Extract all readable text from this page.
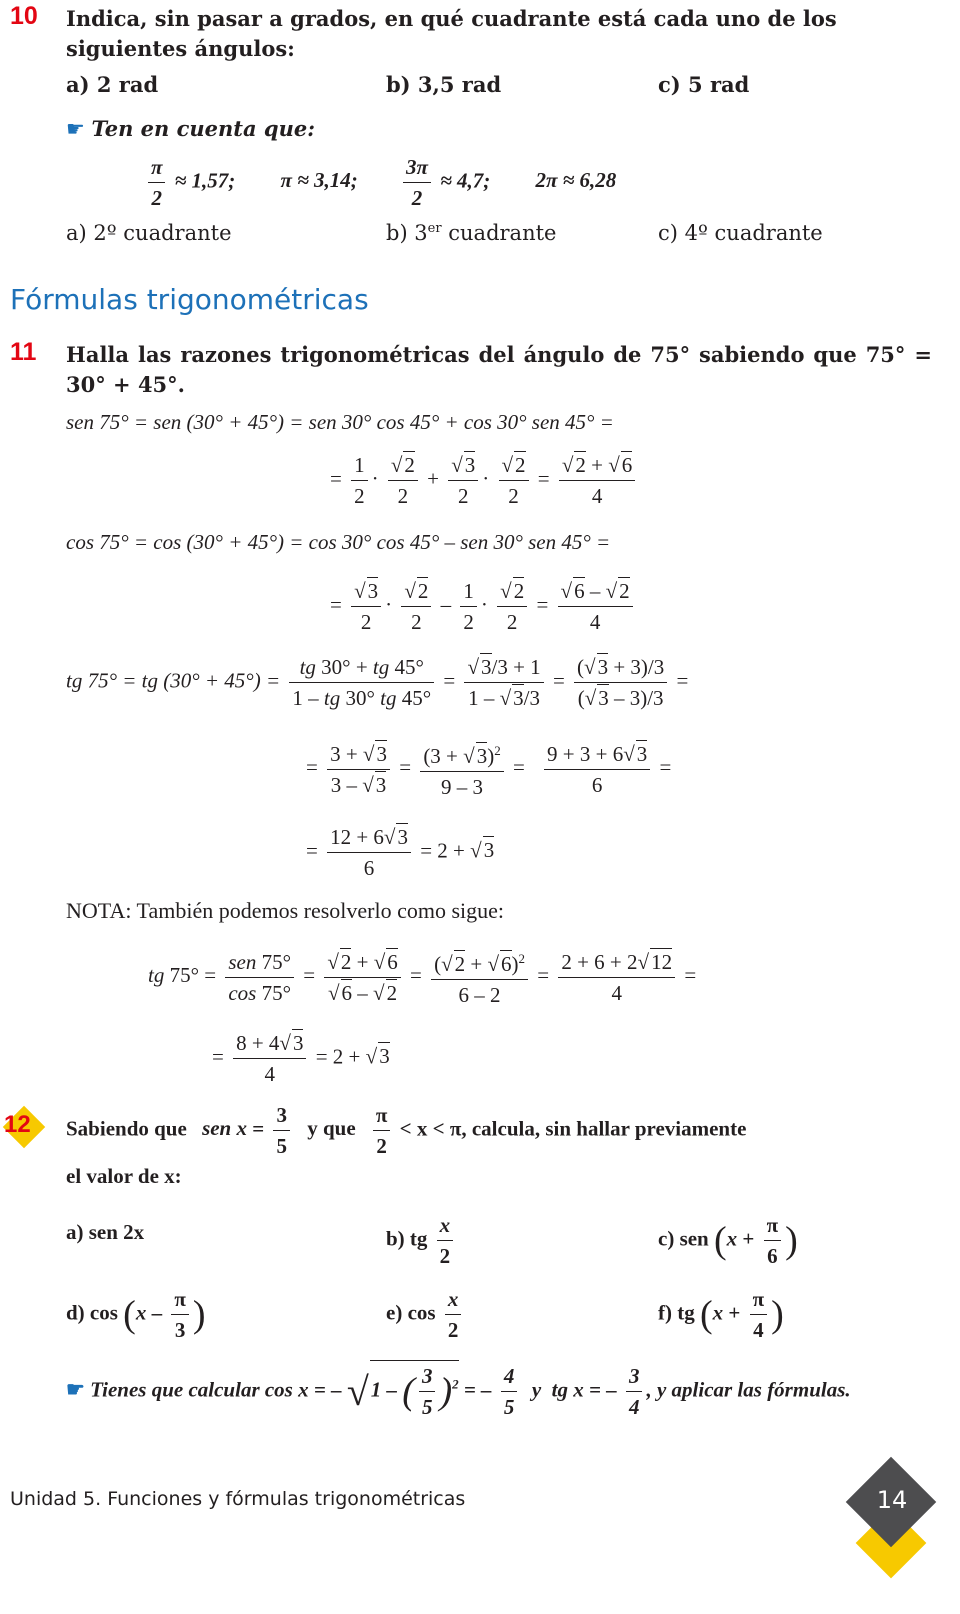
10 Indica, sin pasar a grados, en qué cuadrante está cada uno de los siguientes ángulos:
a) 2 rad	b) 3,5 rad	c) 5 rad
☛ Ten en cuenta que:
$\frac{\pi}{2} \approx 1,57$; π ≈ 3,14; $\frac{3\pi}{2} \approx 4,7$; 2π ≈ 6,28
a) 2º cuadrante	b) 3er cuadrante	c) 4º cuadrante
Fórmulas trigonométricas
11 Halla las razones trigonométricas del ángulo de 75° sabiendo que 75° = 30° + 45°.
sen 75° = sen (30° + 45°) = sen 30° cos 45° + cos 30° sen 45° =
= $\frac{1}{2} \cdot \frac{√2}{2} + \frac{√3}{2} \cdot \frac{√2}{2} = \frac{√2 + √6}{4}$
cos 75° = cos (30° + 45°) = cos 30° cos 45° – sen 30° sen 45° =
= $\frac{√3}{2} \cdot \frac{√2}{2} - \frac{1}{2} \cdot \frac{√2}{2} = \frac{√6 - √2}{4}$
tg 75° = tg $(30^\circ + 45^\circ) = \frac{tg 30^\circ + tg 45^\circ}{1 - tg 30^\circ tg 45^\circ} = \frac{√3/3 + 1}{1 - √3/3} = \frac{(√3 + 3)/3}{(√3 - 3)/3}$ =
= $\frac{3 + √3}{3 - √3} = \frac{(3 + √3)^2}{9 - 3} = \frac{9 + 3 + 6√3}{6}$ =
= $\frac{12 + 6√3}{6} = 2 + √3$
NOTA: También podemos resolverlo como sigue:
tg $75^\circ = \frac{\text{sen 75°}}{\cos 75^\circ} = \frac{√2 + √6}{√6 - √2} = \frac{(√2 + √6)^2}{6 - 2} = \frac{2 + 6 + 2√12}{4}$ =
= $\frac{8 + 4√3}{4} = 2 + √3$
12 Sabiendo que sen $x = \frac{3}{5}$ y que $\frac{\pi}{2} < x < \pi$, calcula, sin hallar previamente
el valor de x:
a) sen 2x	b) tg $\frac{x}{2}$	c) sen ($x + \frac{\pi}{6}$ )
d) $\cos (x - \frac{\pi}{3}$ )	e) $\cos \frac{x}{2}$	f) tg ($x + \frac{\pi}{4}$ )
☛ Tienes que calcular cos x = – √1 – ( $\frac{3}{5} )^2$ = – $\frac{4}{5}$ y  tg x = – $\frac{3}{4}$ , y aplicar las fórmulas.
Unidad 5. Funciones y fórmulas trigonométricas	14
